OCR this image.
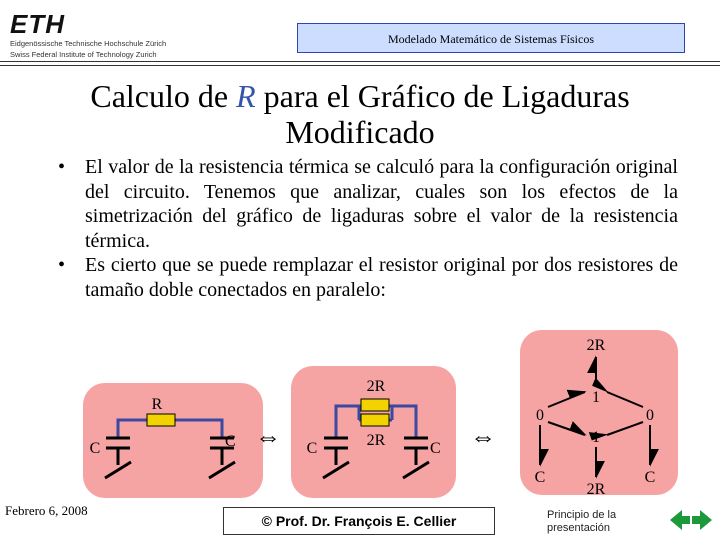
ETH
Eidgenössische Technische Hochschule Zürich
Swiss Federal Institute of Technology Zurich
Modelado Matemático de Sistemas Físicos
Calculo de R para el Gráfico de Ligaduras Modificado
• El valor de la resistencia térmica se calculó para la configuración original del circuito. Tenemos que analizar, cuales son los efectos de la simetrización del gráfico de ligaduras sobre el valor de la resistencia térmica.
• Es cierto que se puede remplazar el resistor original por dos resistores de tamaño doble conectados en paralelo:
R
C	C ⇔
2R
2R
C	C ⇔
2R
1
0	0
1
C	C
2R
Febrero 6, 2008
© Prof. Dr. François E. Cellier	Principio de la presentación
